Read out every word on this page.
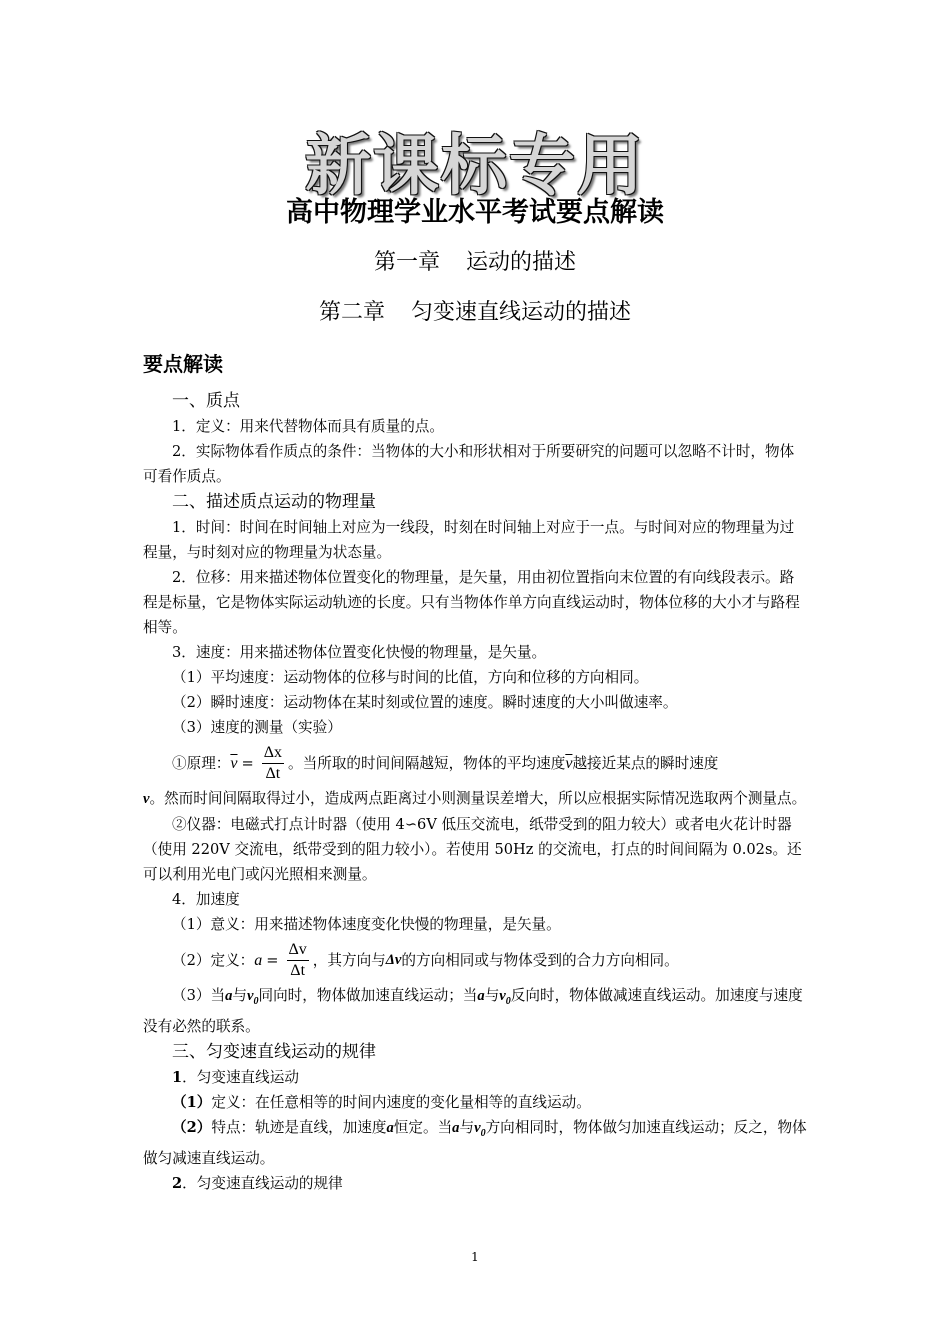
新课标专用
高中物理学业水平考试要点解读
第一章 运动的描述
第二章 匀变速直线运动的描述
要点解读

一、质点

1．定义：用来代替物体而具有质量的点。

2．实际物体看作质点的条件：当物体的大小和形状相对于所要研究的问题可以忽略不计时，物体可看作质点。

二、描述质点运动的物理量

1．时间：时间在时间轴上对应为一线段，时刻在时间轴上对应于一点。与时间对应的物理量为过程量，与时刻对应的物理量为状态量。

2．位移：用来描述物体位置变化的物理量，是矢量，用由初位置指向末位置的有向线段表示。路程是标量，它是物体实际运动轨迹的长度。只有当物体作单方向直线运动时，物体位移的大小才与路程相等。

3．速度：用来描述物体位置变化快慢的物理量，是矢量。

（1）平均速度：运动物体的位移与时间的比值，方向和位移的方向相同。

（2）瞬时速度：运动物体在某时刻或位置的速度。瞬时速度的大小叫做速率。

（3）速度的测量（实验）

①原理： $\overline{v} = \frac{\Delta x}{\Delta t}$ 。当所取的时间间隔越短，物体的平均速度 $\overline{v}$ 越接近某点的瞬时速度

v。然而时间间隔取得过小，造成两点距离过小则测量误差增大，所以应根据实际情况选取两个测量点。

②仪器：电磁式打点计时器（使用 4∽6V 低压交流电，纸带受到的阻力较大）或者电火花计时器（使用 220V 交流电，纸带受到的阻力较小）。若使用 50Hz 的交流电，打点的时间间隔为 0.02s。还可以利用光电门或闪光照相来测量。

4．加速度

（1）意义：用来描述物体速度变化快慢的物理量，是矢量。

（2）定义： $a = \frac{\Delta v}{\Delta t}$ ，其方向与 Δv 的方向相同或与物体受到的合力方向相同。

（3）当a与$v_0$同向时，物体做加速直线运动；当a与$v_0$反向时，物体做减速直线运动。加速度与速度没有必然的联系。

三、匀变速直线运动的规律

1．匀变速直线运动

（1）定义：在任意相等的时间内速度的变化量相等的直线运动。

（2）特点：轨迹是直线，加速度a恒定。当a与$v_0$方向相同时，物体做匀加速直线运动；反之，物体做匀减速直线运动。

2．匀变速直线运动的规律

1
